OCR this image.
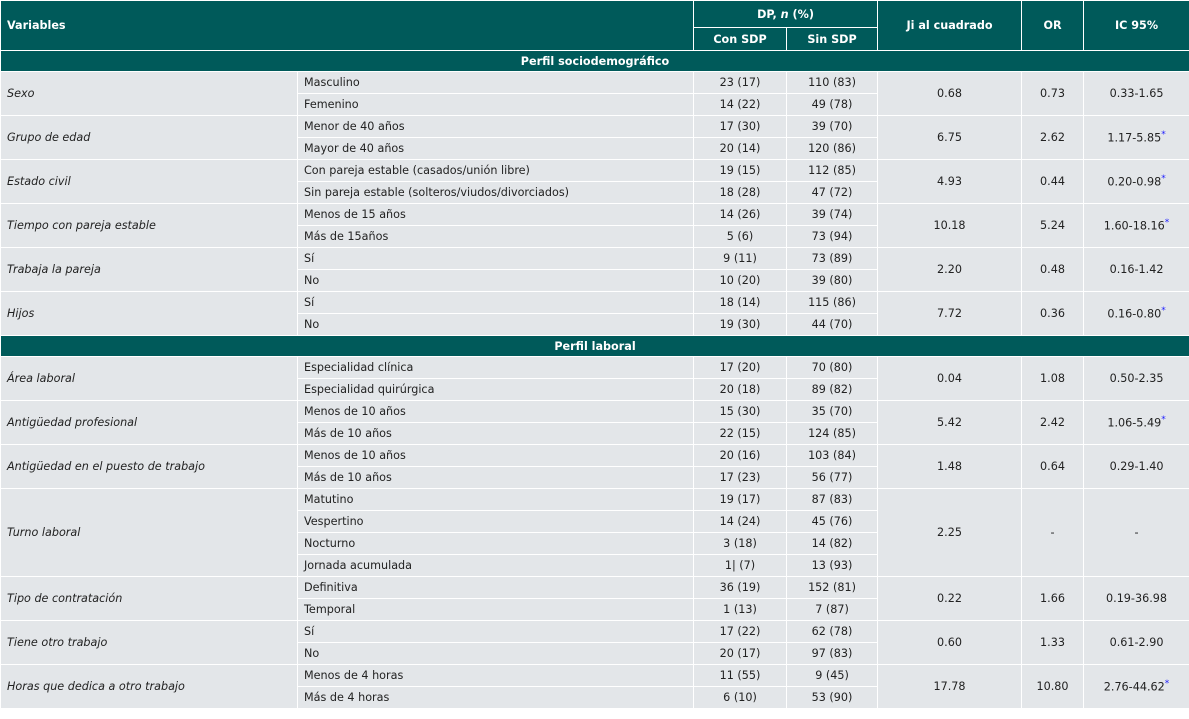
Variables		DP, n (%)		Ji al cuadrado	OR	IC 95%
		Con SDP	Sin SDP			
Perfil sociodemográfico						
Sexo	Masculino	23 (17)	110 (83)	0.68	0.73	0.33-1.65
	Femenino	14 (22)	49 (78)			
Grupo de edad	Menor de 40 años	17 (30)	39 (70)	6.75	2.62	1.17-5.85*
	Mayor de 40 años	20 (14)	120 (86)			
Estado civil	Con pareja estable (casados/unión libre)	19 (15)	112 (85)	4.93	0.44	0.20-0.98*
	Sin pareja estable (solteros/viudos/divorciados)	18 (28)	47 (72)			
Tiempo con pareja estable	Menos de 15 años	14 (26)	39 (74)	10.18	5.24	1.60-18.16*
	Más de 15años	5 (6)	73 (94)			
Trabaja la pareja	Sí	9 (11)	73 (89)	2.20	0.48	0.16-1.42
	No	10 (20)	39 (80)			
Hijos	Sí	18 (14)	115 (86)	7.72	0.36	0.16-0.80*
	No	19 (30)	44 (70)			
Perfil laboral						
Área laboral	Especialidad clínica	17 (20)	70 (80)	0.04	1.08	0.50-2.35
	Especialidad quirúrgica	20 (18)	89 (82)			
Antigüedad profesional	Menos de 10 años	15 (30)	35 (70)	5.42	2.42	1.06-5.49*
	Más de 10 años	22 (15)	124 (85)			
Antigüedad en el puesto de trabajo	Menos de 10 años	20 (16)	103 (84)	1.48	0.64	0.29-1.40
	Más de 10 años	17 (23)	56 (77)			
Turno laboral	Matutino	19 (17)	87 (83)	2.25	-	-
	Vespertino	14 (24)	45 (76)			
	Nocturno	3 (18)	14 (82)			
	Jornada acumulada	1| (7)	13 (93)			
Tipo de contratación	Definitiva	36 (19)	152 (81)	0.22	1.66	0.19-36.98
	Temporal	1 (13)	7 (87)			
Tiene otro trabajo	Sí	17 (22)	62 (78)	0.60	1.33	0.61-2.90
	No	20 (17)	97 (83)			
Horas que dedica a otro trabajo	Menos de 4 horas	11 (55)	9 (45)	17.78	10.80	2.76-44.62*
	Más de 4 horas	6 (10)	53 (90)			
